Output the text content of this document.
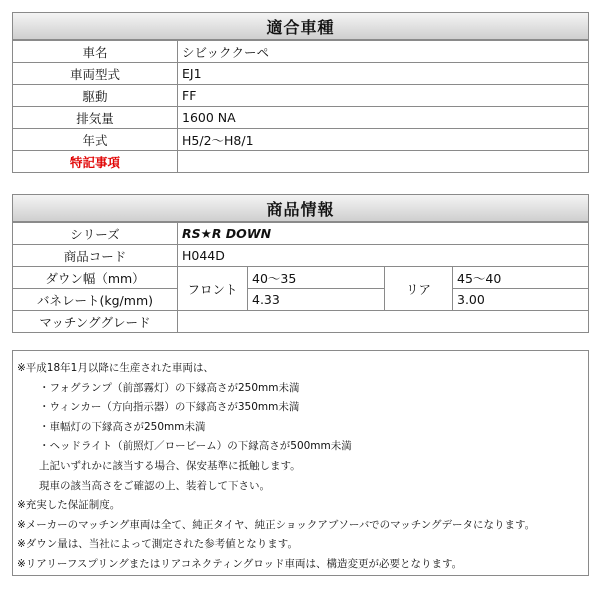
適合車種
車名	シビッククーペ
車両型式	EJ1
駆動	FF
排気量	1600 NA
年式	H5/2〜H8/1
特記事項	
商品情報
シリーズ	RS★R DOWN			
商品コード	H044D			
ダウン幅（mm）	フロント	40〜35	リア	45〜40
バネレート(kg/mm)		4.33		3.00
マッチンググレード				
※平成18年1月以降に生産された車両は、
・フォグランプ（前部霧灯）の下縁高さが250mm未満
・ウィンカー（方向指示器）の下縁高さが350mm未満
・車幅灯の下縁高さが250mm未満
・ヘッドライト（前照灯／ロービーム）の下縁高さが500mm未満
上記いずれかに該当する場合、保安基準に抵触します。
現車の該当高さをご確認の上、装着して下さい。
※充実した保証制度。
※メーカーのマッチング車両は全て、純正タイヤ、純正ショックアブソーバでのマッチングデータになります。
※ダウン量は、当社によって測定された参考値となります。
※リアリーフスプリングまたはリアコネクティングロッド車両は、構造変更が必要となります。
